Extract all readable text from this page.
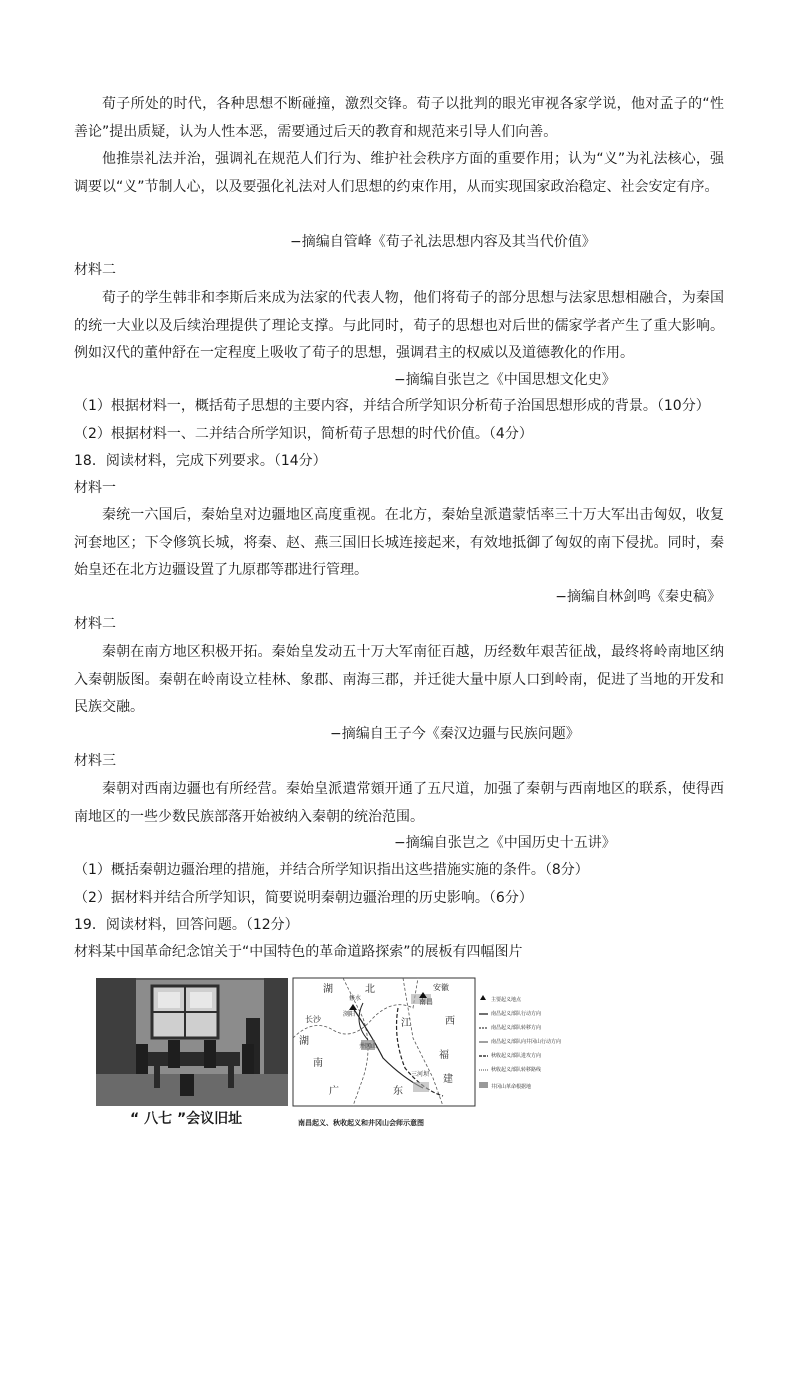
荀子所处的时代，各种思想不断碰撞，激烈交锋。荀子以批判的眼光审视各家学说，他对孟子的“性善论”提出质疑，认为人性本恶，需要通过后天的教育和规范来引导人们向善。

他推崇礼法并治，强调礼在规范人们行为、维护社会秩序方面的重要作用；认为“义”为礼法核心，强调要以“义”节制人心，以及要强化礼法对人们思想的约束作用，从而实现国家政治稳定、社会安定有序。

−摘编自管峰《荀子礼法思想内容及其当代价值》

材料二

荀子的学生韩非和李斯后来成为法家的代表人物，他们将荀子的部分思想与法家思想相融合，为秦国的统一大业以及后续治理提供了理论支撑。与此同时，荀子的思想也对后世的儒家学者产生了重大影响。例如汉代的董仲舒在一定程度上吸收了荀子的思想，强调君主的权威以及道德教化的作用。

−摘编自张岂之《中国思想文化史》

（1）根据材料一，概括荀子思想的主要内容，并结合所学知识分析荀子治国思想形成的背景。（10分）

（2）根据材料一、二并结合所学知识，简析荀子思想的时代价值。（4分）

18．阅读材料，完成下列要求。（14分）

材料一

秦统一六国后，秦始皇对边疆地区高度重视。在北方，秦始皇派遣蒙恬率三十万大军出击匈奴，收复河套地区；下令修筑长城，将秦、赵、燕三国旧长城连接起来，有效地抵御了匈奴的南下侵扰。同时，秦始皇还在北方边疆设置了九原郡等郡进行管理。

−摘编自林剑鸣《秦史稿》

材料二

秦朝在南方地区积极开拓。秦始皇发动五十万大军南征百越，历经数年艰苦征战，最终将岭南地区纳入秦朝版图。秦朝在岭南设立桂林、象郡、南海三郡，并迁徙大量中原人口到岭南，促进了当地的开发和民族交融。

−摘编自王子今《秦汉边疆与民族问题》

材料三

秦朝对西南边疆也有所经营。秦始皇派遣常頞开通了五尺道，加强了秦朝与西南地区的联系，使得西南地区的一些少数民族部落开始被纳入秦朝的统治范围。

−摘编自张岂之《中国历史十五讲》

（1）概括秦朝边疆治理的措施，并结合所学知识指出这些措施实施的条件。（8分）

（2）据材料并结合所学知识，简要说明秦朝边疆治理的历史影响。（6分）

19．阅读材料，回答问题。（12分）

材料某中国革命纪念馆关于“中国特色的革命道路探索”的展板有四幅图片

“ 八七 ”会议旧址
湖	北	安徽
长沙	江	西
湖
南
福
建
广	东
南昌
修水
浏阳
井冈山
三河坝
主要起义地点
南昌起义部队行动方向
南昌起义部队转移方向
南昌起义部队向井冈山行动方向
秋收起义部队进攻方向
秋收起义部队转移路线
井冈山革命根据地
南昌起义、秋收起义和井冈山会师示意图
